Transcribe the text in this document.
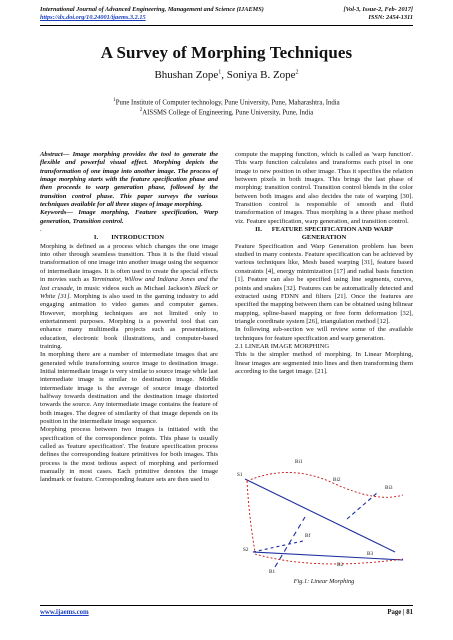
International Journal of Advanced Engineering, Management and Science (IJAEMS)	[Vol-3, Issue-2, Feb- 2017]
https://dx.doi.org/10.24001/ijaems.3.2.15	ISSN: 2454-1311
A Survey of Morphing Techniques
Bhushan Zope$^1$, Soniya B. Zope$^2$
$^1$Pune Institute of Computer technology, Pune University, Pune, Maharashtra, India
$^2$AISSMS College of Engineering, Pune University, Pune, India

Abstract— Image morphing provides the tool to generate the flexible and powerful visual effect. Morphing depicts the transformation of one image into another image. The process of image morphing starts with the feature specification phase and then proceeds to warp generation phase, followed by the transition control phase. This paper surveys the various techniques available for all three stages of image morphing.

Keywords— Image morphing, Feature specification, Warp generation, Transition control.

.

I.        INTRODUCTION

Morphing is defined as a process which changes the one image into other through seamless transition. Thus it is the fluid visual transformation of one image into another image using the sequence of intermediate images. It is often used to create the special effects in movies such as Terminator, Willow and Indiana Jones and the last crusade, in music videos such as Michael Jackson's Black or White [31]. Morphing is also used in the gaming industry to add engaging animation to video games and computer games. However, morphing techniques are not limited only to entertainment purposes. Morphing is a powerful tool that can enhance many multimedia projects such as presentations, education, electronic book illustrations, and computer-based training.

In morphing there are a number of intermediate images that are generated while transforming source image to destination image. Initial intermediate image is very similar to source image while last intermediate image is similar to destination image. Middle intermediate image is the average of source image distorted halfway towards destination and the destination image distorted towards the source. Any intermediate image contains the feature of both images. The degree of similarity of that image depends on its position in the intermediate image sequence.

Morphing process between two images is initiated with the specification of the correspondence points. This phase is usually called as 'feature specification'. The feature specification process defines the corresponding feature primitives for both images. This process is the most tedious aspect of morphing and performed manually in most cases. Each primitive denotes the image landmark or feature. Corresponding feature sets are then used to

compute the mapping function, which is called as 'warp function'. This warp function calculates and transforms each pixel in one image to new position in other image. Thus it specifies the relation between pixels in both images. This brings the last phase of morphing: transition control. Transition control blends in the color between both images and also decides the rate of warping [30]. Transition control is responsible of smooth and fluid transformation of images. Thus morphing is a three phase method viz. Feature specification, warp generation, and transition control.

II.      FEATURE SPECIFICATION AND WARP GENERATION

Feature Specification and Warp Generation problem has been studied in many contexts. Feature specification can be achieved by various techniques like, Mesh based warping [31], feature based constraints [4], energy minimization [17] and radial basis function [1]. Feature can also be specified using line segments, curves, points and snakes [32]. Features can be automatically detected and extracted using FDNN and filters [21]. Once the features are specified the mapping between them can be obtained using bilinear mapping, spline-based mapping or free form deformation [32], triangle coordinate system [26], triangulation method [12].

In following sub-section we will review some of the available techniques for feature specification and warp generation.

2.1 LINEAR IMAGE MORPHING

This is the simpler method of morphing. In Linear Morphing, linear images are segmented into lines and then transforming them according to the target image. [21].

S1
S2
Bi1
Bi2
Bi3
B1
B2
B3
Bf
Fig.1: Linear Morphing
www.ijaems.com	Page | 81
